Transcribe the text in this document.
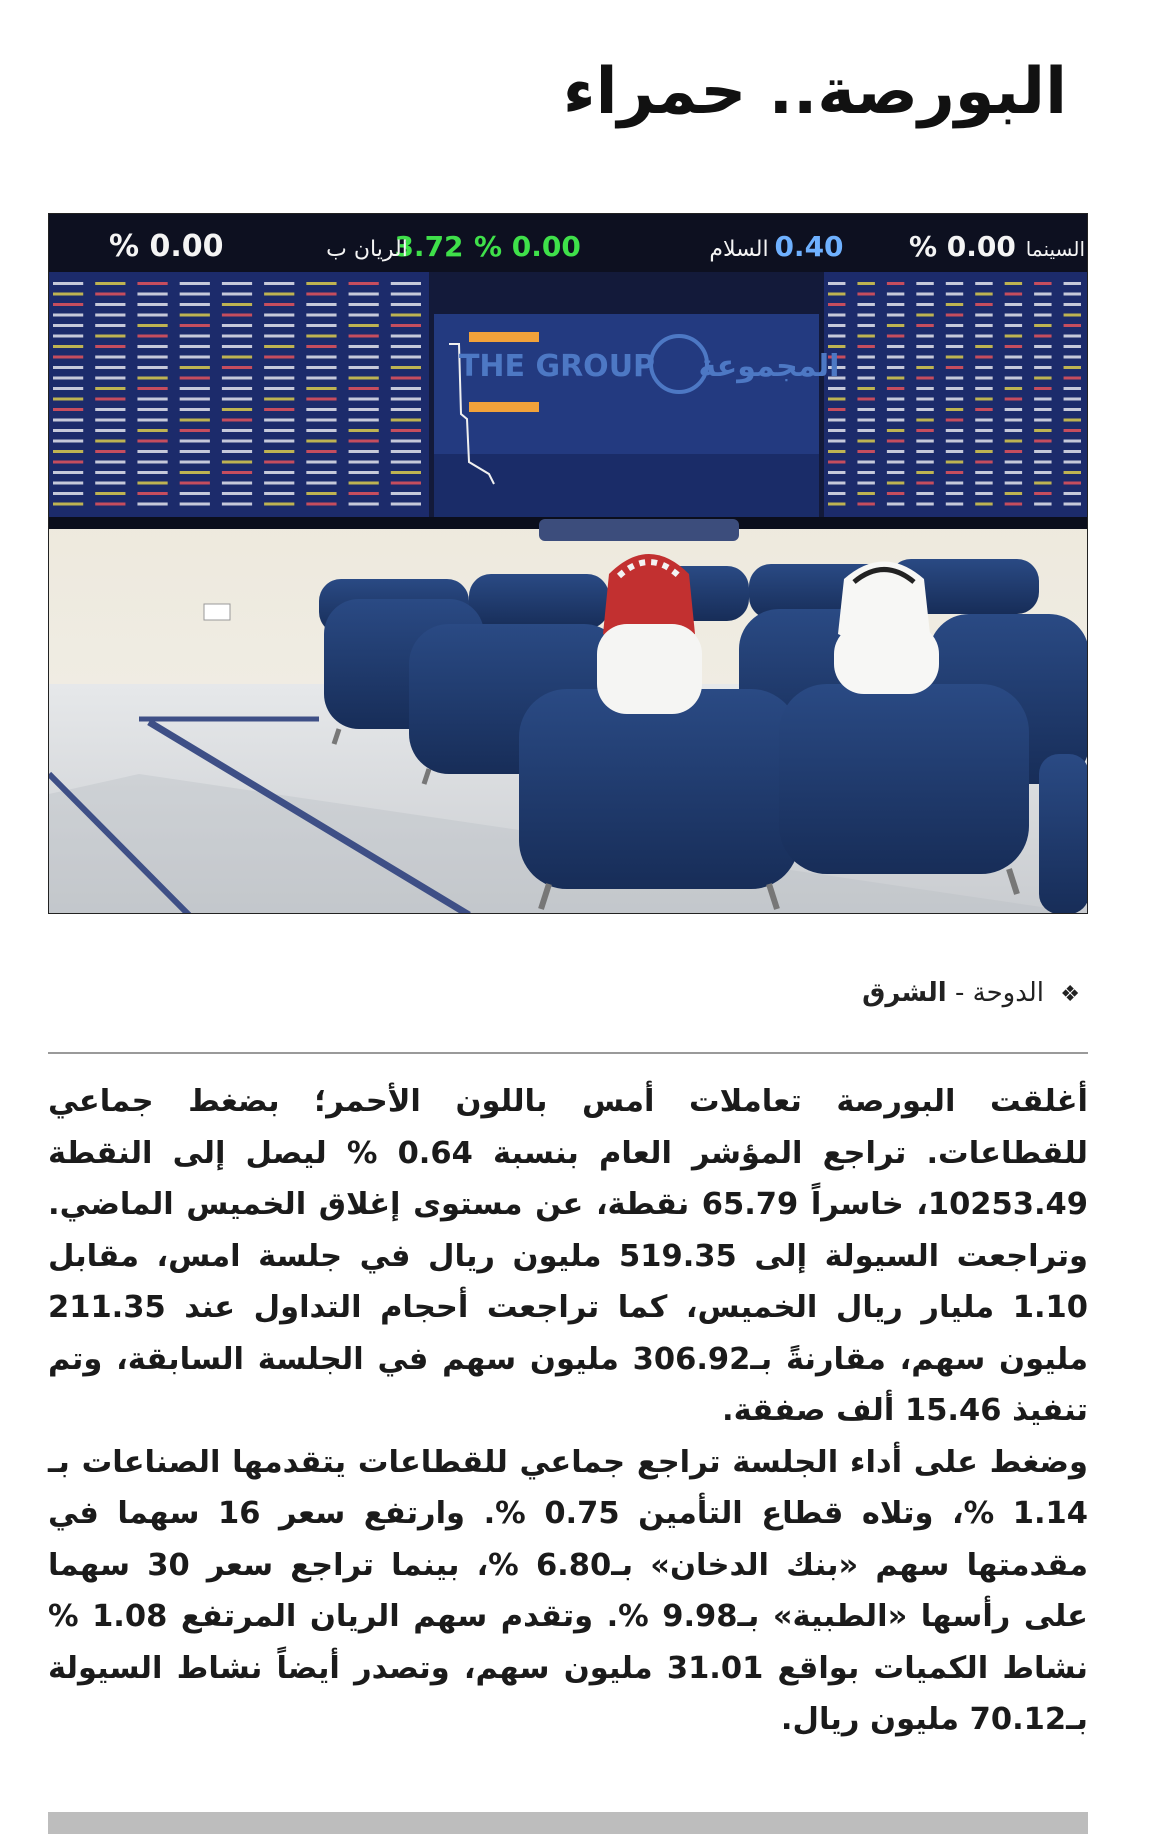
البورصة.. حمراء
% 0.00	% 0.00
3.72
الريان ب	0.40
السلام	% 0.00 السينما
THE GROUP المجموعة
❖ الدوحة - الشرق

أغلقت البورصة تعاملات أمس باللون الأحمر؛ بضغط جماعي للقطاعات. تراجع المؤشر العام بنسبة 0.64 % ليصل إلى النقطة 10253.49، خاسراً 65.79 نقطة، عن مستوى إغلاق الخميس الماضي. وتراجعت السيولة إلى 519.35 مليون ريال في جلسة امس، مقابل 1.10 مليار ريال الخميس، كما تراجعت أحجام التداول عند 211.35 مليون سهم، مقارنةً بـ306.92 مليون سهم في الجلسة السابقة، وتم تنفيذ 15.46 ألف صفقة.

وضغط على أداء الجلسة تراجع جماعي للقطاعات يتقدمها الصناعات بـ 1.14 %، وتلاه قطاع التأمين 0.75 %. وارتفع سعر 16 سهما في مقدمتها سهم «بنك الدخان» بـ6.80 %، بينما تراجع سعر 30 سهما على رأسها «الطبية» بـ9.98 %. وتقدم سهم الريان المرتفع 1.08 % نشاط الكميات بواقع 31.01 مليون سهم، وتصدر أيضاً نشاط السيولة بـ70.12 مليون ريال.
